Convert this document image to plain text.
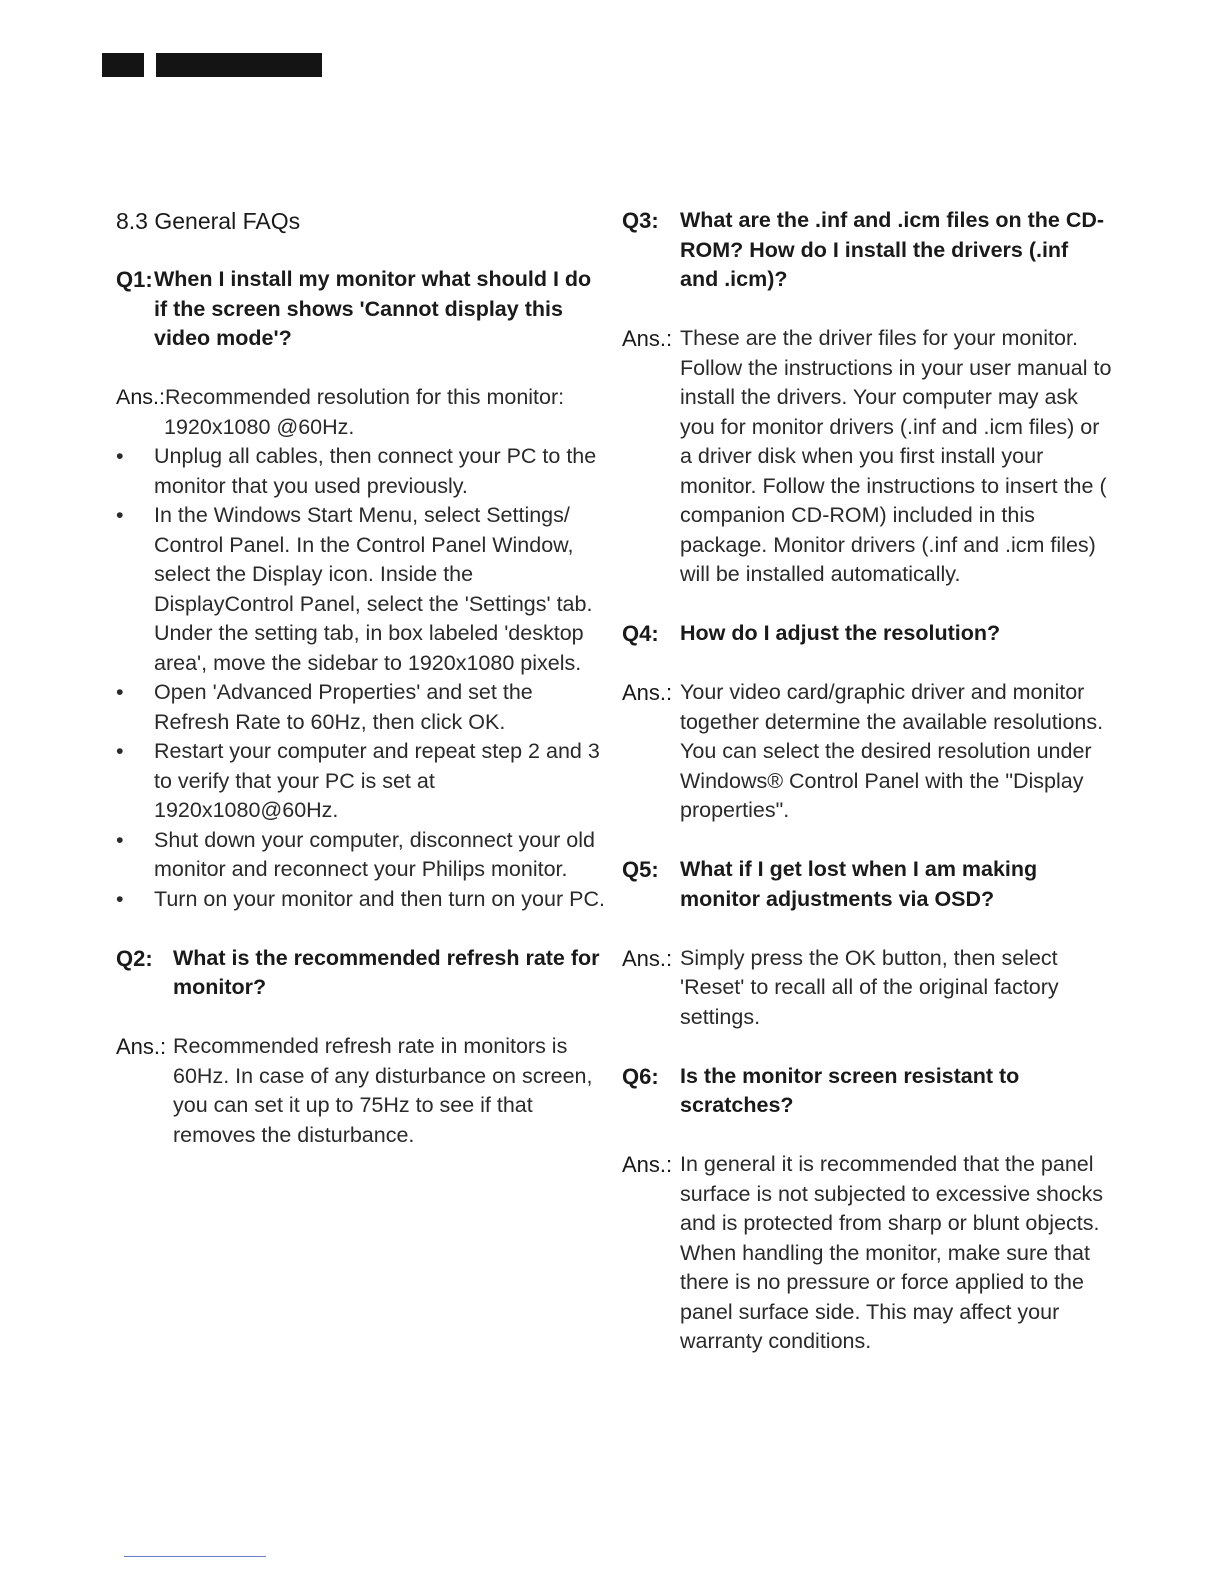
8.3 General FAQs
Q1: When I install my monitor what should I do if the screen shows 'Cannot display this video mode'?
Ans.:Recommended resolution for this monitor:
1920x1080 @60Hz.
• Unplug all cables, then connect your PC to the monitor that you used previously.
• In the Windows Start Menu, select Settings/ Control Panel. In the Control Panel Window, select the Display icon. Inside the DisplayControl Panel, select the 'Settings' tab. Under the setting tab, in box labeled 'desktop area', move the sidebar to 1920x1080 pixels.
• Open 'Advanced Properties' and set the Refresh Rate to 60Hz, then click OK.
• Restart your computer and repeat step 2 and 3 to verify that your PC is set at 1920x1080@60Hz.
• Shut down your computer, disconnect your old monitor and reconnect your Philips monitor.
• Turn on your monitor and then turn on your PC.
Q2: What is the recommended refresh rate for monitor?
Ans.: Recommended refresh rate in monitors is 60Hz. In case of any disturbance on screen, you can set it up to 75Hz to see if that removes the disturbance.
Q3: What are the .inf and .icm files on the CD-ROM? How do I install the drivers (.inf and .icm)?
Ans.: These are the driver files for your monitor. Follow the instructions in your user manual to install the drivers. Your computer may ask you for monitor drivers (.inf and .icm files) or a driver disk when you first install your monitor. Follow the instructions to insert the ( companion CD-ROM) included in this package. Monitor drivers (.inf and .icm files) will be installed automatically.
Q4: How do I adjust the resolution?
Ans.: Your video card/graphic driver and monitor together determine the available resolutions. You can select the desired resolution under Windows® Control Panel with the "Display properties".
Q5: What if I get lost when I am making monitor adjustments via OSD?
Ans.: Simply press the OK button, then select 'Reset' to recall all of the original factory settings.
Q6: Is the monitor screen resistant to scratches?
Ans.: In general it is recommended that the panel surface is not subjected to excessive shocks and is protected from sharp or blunt objects. When handling the monitor, make sure that there is no pressure or force applied to the panel surface side. This may affect your warranty conditions.
